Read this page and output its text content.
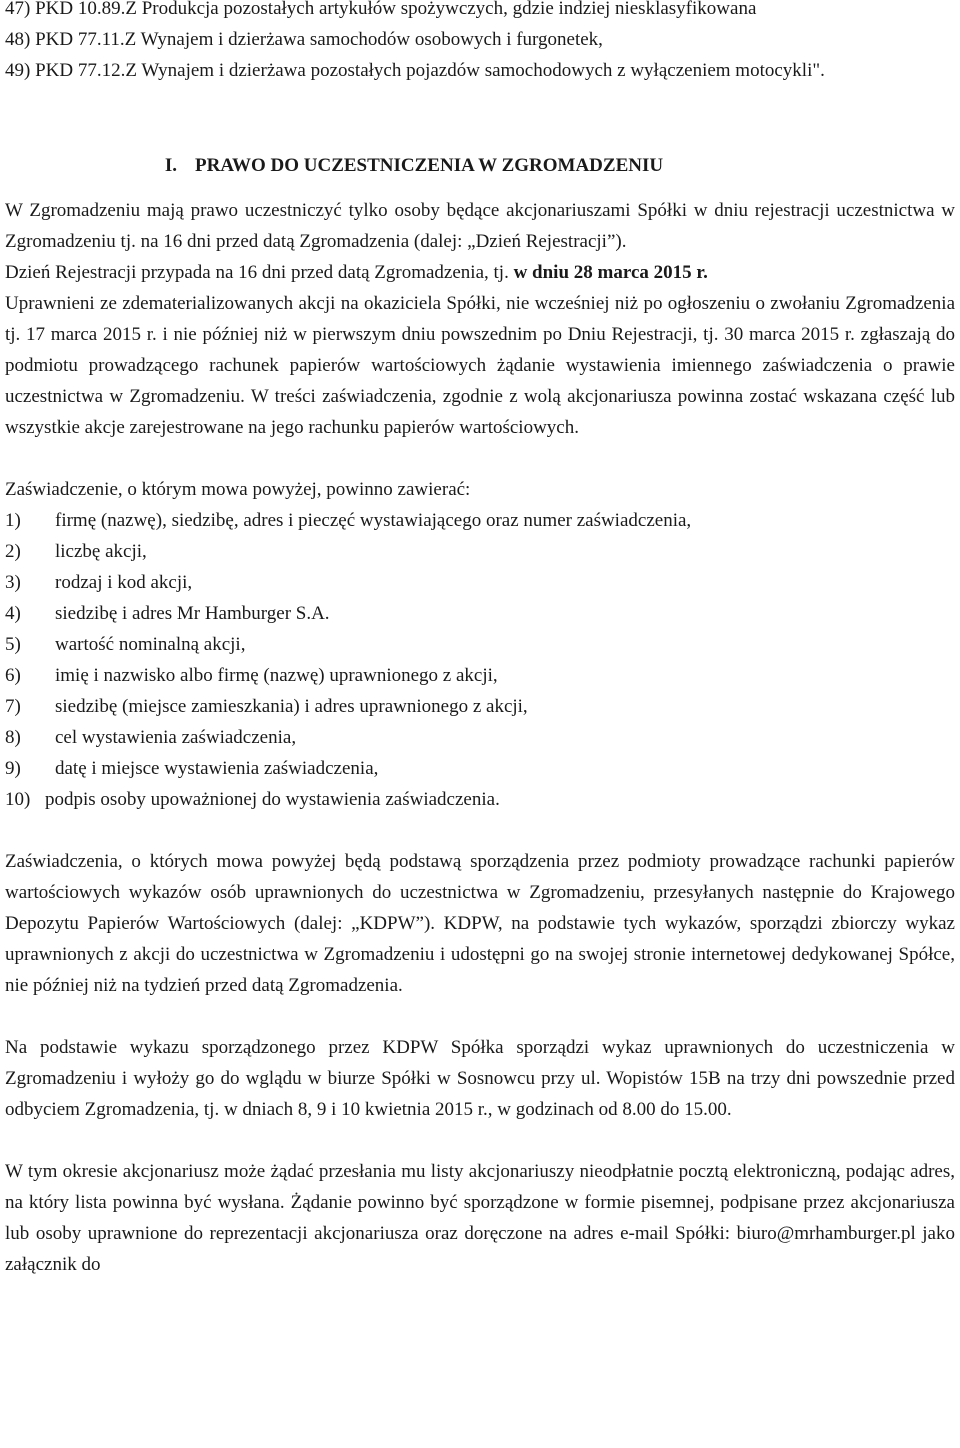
47) PKD 10.89.Z Produkcja pozostałych artykułów spożywczych, gdzie indziej niesklasyfikowana

48) PKD 77.11.Z Wynajem i dzierżawa samochodów osobowych i furgonetek,

49) PKD 77.12.Z Wynajem i dzierżawa pozostałych pojazdów samochodowych z wyłączeniem motocykli".

I. PRAWO DO UCZESTNICZENIA W ZGROMADZENIU

W Zgromadzeniu mają prawo uczestniczyć tylko osoby będące akcjonariuszami Spółki w dniu rejestracji uczestnictwa w Zgromadzeniu tj. na 16 dni przed datą Zgromadzenia (dalej: „Dzień Rejestracji”).

Dzień Rejestracji przypada na 16 dni przed datą Zgromadzenia, tj. w dniu 28 marca 2015 r.

Uprawnieni ze zdematerializowanych akcji na okaziciela Spółki, nie wcześniej niż po ogłoszeniu o zwołaniu Zgromadzenia tj. 17 marca 2015 r. i nie później niż w pierwszym dniu powszednim po Dniu Rejestracji, tj. 30 marca 2015 r. zgłaszają do podmiotu prowadzącego rachunek papierów wartościowych żądanie wystawienia imiennego zaświadczenia o prawie uczestnictwa w Zgromadzeniu. W treści zaświadczenia, zgodnie z wolą akcjonariusza powinna zostać wskazana część lub wszystkie akcje zarejestrowane na jego rachunku papierów wartościowych.

Zaświadczenie, o którym mowa powyżej, powinno zawierać:

1)	firmę (nazwę), siedzibę, adres i pieczęć wystawiającego oraz numer zaświadczenia,
2)	liczbę akcji,
3)	rodzaj i kod akcji,
4)	siedzibę i adres Mr Hamburger S.A.
5)	wartość nominalną akcji,
6)	imię i nazwisko albo firmę (nazwę) uprawnionego z akcji,
7)	siedzibę (miejsce zamieszkania) i adres uprawnionego z akcji,
8)	cel wystawienia zaświadczenia,
9)	datę i miejsce wystawienia zaświadczenia,
10) podpis osoby upoważnionej do wystawienia zaświadczenia.

Zaświadczenia, o których mowa powyżej będą podstawą sporządzenia przez podmioty prowadzące rachunki papierów wartościowych wykazów osób uprawnionych do uczestnictwa w Zgromadzeniu, przesyłanych następnie do Krajowego Depozytu Papierów Wartościowych (dalej: „KDPW”). KDPW, na podstawie tych wykazów, sporządzi zbiorczy wykaz uprawnionych z akcji do uczestnictwa w Zgromadzeniu i udostępni go na swojej stronie internetowej dedykowanej Spółce, nie później niż na tydzień przed datą Zgromadzenia.

Na podstawie wykazu sporządzonego przez KDPW Spółka sporządzi wykaz uprawnionych do uczestniczenia w Zgromadzeniu i wyłoży go do wglądu w biurze Spółki w Sosnowcu przy ul. Wopistów 15B na trzy dni powszednie przed odbyciem Zgromadzenia, tj. w dniach 8, 9 i 10 kwietnia 2015 r., w godzinach od 8.00 do 15.00.

W tym okresie akcjonariusz może żądać przesłania mu listy akcjonariuszy nieodpłatnie pocztą elektroniczną, podając adres, na który lista powinna być wysłana. Żądanie powinno być sporządzone w formie pisemnej, podpisane przez akcjonariusza lub osoby uprawnione do reprezentacji akcjonariusza oraz doręczone na adres e-mail Spółki: biuro@mrhamburger.pl jako załącznik do
